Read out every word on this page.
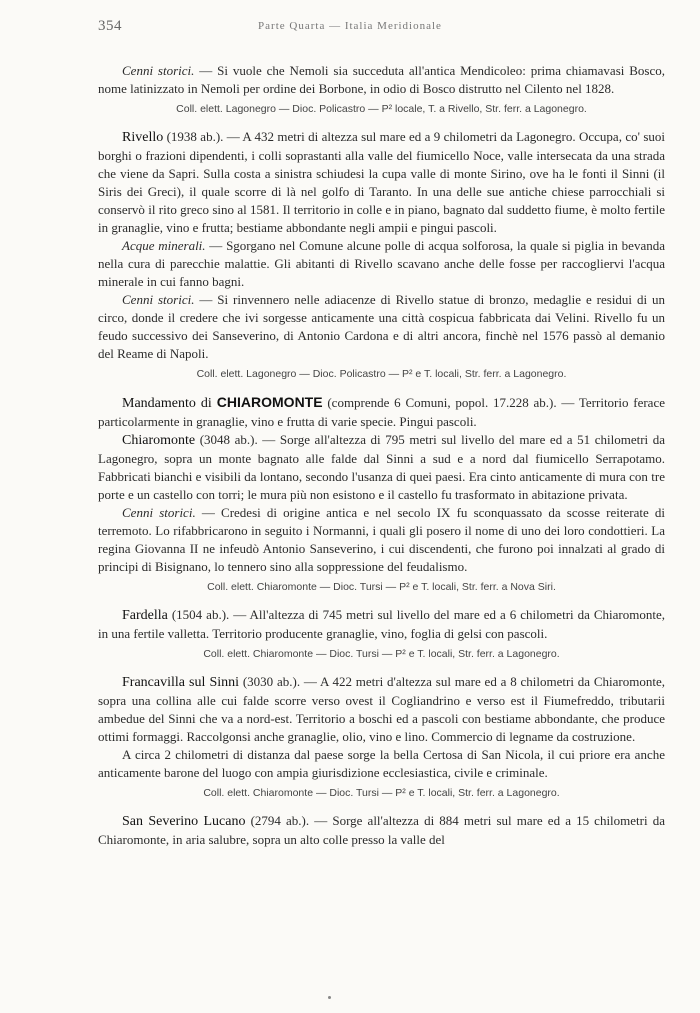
354	Parte Quarta — Italia Meridionale

Cenni storici. — Si vuole che Nemoli sia succeduta all'antica Mendicoleo: prima chiamavasi Bosco, nome latinizzato in Nemoli per ordine dei Borbone, in odio di Bosco distrutto nel Cilento nel 1828.

Coll. elett. Lagonegro — Dioc. Policastro — P² locale, T. a Rivello, Str. ferr. a Lagonegro.

Rivello (1938 ab.). — A 432 metri di altezza sul mare ed a 9 chilometri da Lagonegro. Occupa, co' suoi borghi o frazioni dipendenti, i colli soprastanti alla valle del fiumicello Noce, valle intersecata da una strada che viene da Sapri. Sulla costa a sinistra schiudesi la cupa valle di monte Sirino, ove ha le fonti il Sinni (il Siris dei Greci), il quale scorre di là nel golfo di Taranto. In una delle sue antiche chiese parrocchiali si conservò il rito greco sino al 1581. Il territorio in colle e in piano, bagnato dal suddetto fiume, è molto fertile in granaglie, vino e frutta; bestiame abbondante negli ampii e pingui pascoli.

Acque minerali. — Sgorgano nel Comune alcune polle di acqua solforosa, la quale si piglia in bevanda nella cura di parecchie malattie. Gli abitanti di Rivello scavano anche delle fosse per raccogliervi l'acqua minerale in cui fanno bagni.

Cenni storici. — Si rinvennero nelle adiacenze di Rivello statue di bronzo, medaglie e residui di un circo, donde il credere che ivi sorgesse anticamente una città cospicua fabbricata dai Velini. Rivello fu un feudo successivo dei Sanseverino, di Antonio Cardona e di altri ancora, finchè nel 1576 passò al demanio del Reame di Napoli.

Coll. elett. Lagonegro — Dioc. Policastro — P² e T. locali, Str. ferr. a Lagonegro.

Mandamento di CHIAROMONTE (comprende 6 Comuni, popol. 17.228 ab.). — Territorio ferace particolarmente in granaglie, vino e frutta di varie specie. Pingui pascoli.

Chiaromonte (3048 ab.). — Sorge all'altezza di 795 metri sul livello del mare ed a 51 chilometri da Lagonegro, sopra un monte bagnato alle falde dal Sinni a sud e a nord dal fiumicello Serrapotamo. Fabbricati bianchi e visibili da lontano, secondo l'usanza di quei paesi. Era cinto anticamente di mura con tre porte e un castello con torri; le mura più non esistono e il castello fu trasformato in abitazione privata.

Cenni storici. — Credesi di origine antica e nel secolo IX fu sconquassato da scosse reiterate di terremoto. Lo rifabbricarono in seguito i Normanni, i quali gli posero il nome di uno dei loro condottieri. La regina Giovanna II ne infeudò Antonio Sanseverino, i cui discendenti, che furono poi innalzati al grado di principi di Bisignano, lo tennero sino alla soppressione del feudalismo.

Coll. elett. Chiaromonte — Dioc. Tursi — P² e T. locali, Str. ferr. a Nova Siri.

Fardella (1504 ab.). — All'altezza di 745 metri sul livello del mare ed a 6 chilometri da Chiaromonte, in una fertile valletta. Territorio producente granaglie, vino, foglia di gelsi con pascoli.

Coll. elett. Chiaromonte — Dioc. Tursi — P² e T. locali, Str. ferr. a Lagonegro.

Francavilla sul Sinni (3030 ab.). — A 422 metri d'altezza sul mare ed a 8 chilometri da Chiaromonte, sopra una collina alle cui falde scorre verso ovest il Cogliandrino e verso est il Fiumefreddo, tributarii ambedue del Sinni che va a nord-est. Territorio a boschi ed a pascoli con bestiame abbondante, che produce ottimi formaggi. Raccolgonsi anche granaglie, olio, vino e lino. Commercio di legname da costruzione.

A circa 2 chilometri di distanza dal paese sorge la bella Certosa di San Nicola, il cui priore era anche anticamente barone del luogo con ampia giurisdizione ecclesiastica, civile e criminale.

Coll. elett. Chiaromonte — Dioc. Tursi — P² e T. locali, Str. ferr. a Lagonegro.

San Severino Lucano (2794 ab.). — Sorge all'altezza di 884 metri sul mare ed a 15 chilometri da Chiaromonte, in aria salubre, sopra un alto colle presso la valle del
